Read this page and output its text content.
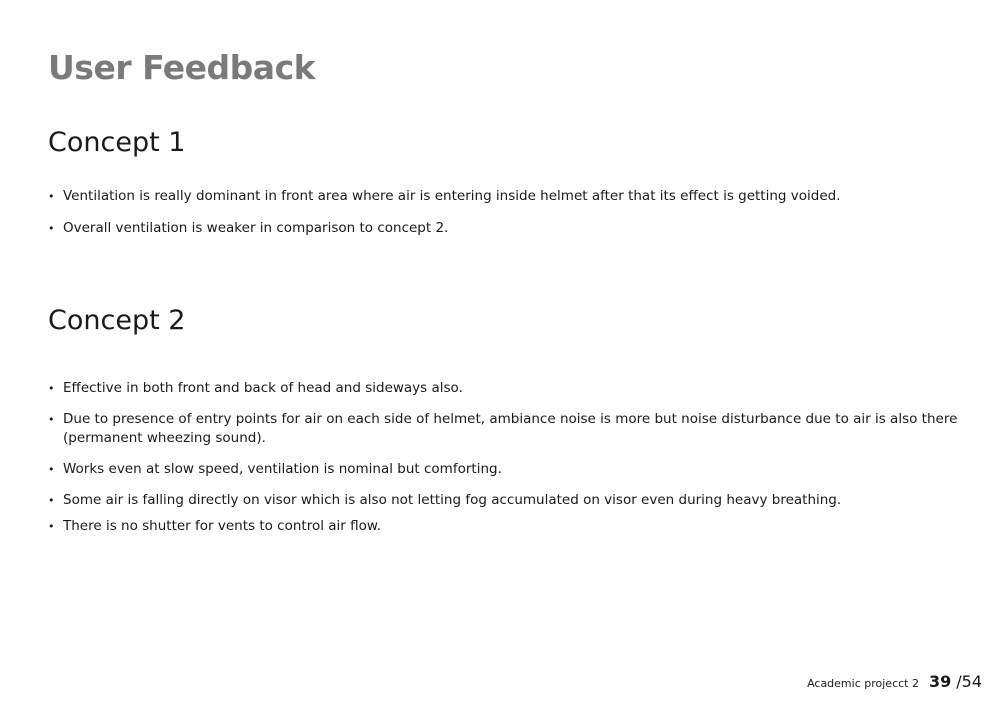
User Feedback
Concept 1
• Ventilation is really dominant in front area where air is entering inside helmet after that its effect is getting voided.
• Overall ventilation is weaker in comparison to concept 2.
Concept 2
• Effective in both front and back of head and sideways also.
• Due to presence of entry points for air on each side of helmet, ambiance noise is more but noise disturbance due to air is also there (permanent wheezing sound).
• Works even at slow speed, ventilation is nominal but comforting.
• Some air is falling directly on visor which is also not letting fog accumulated on visor even during heavy breathing.
• There is no shutter for vents to control air flow.
Academic projecct 2 39 /54
